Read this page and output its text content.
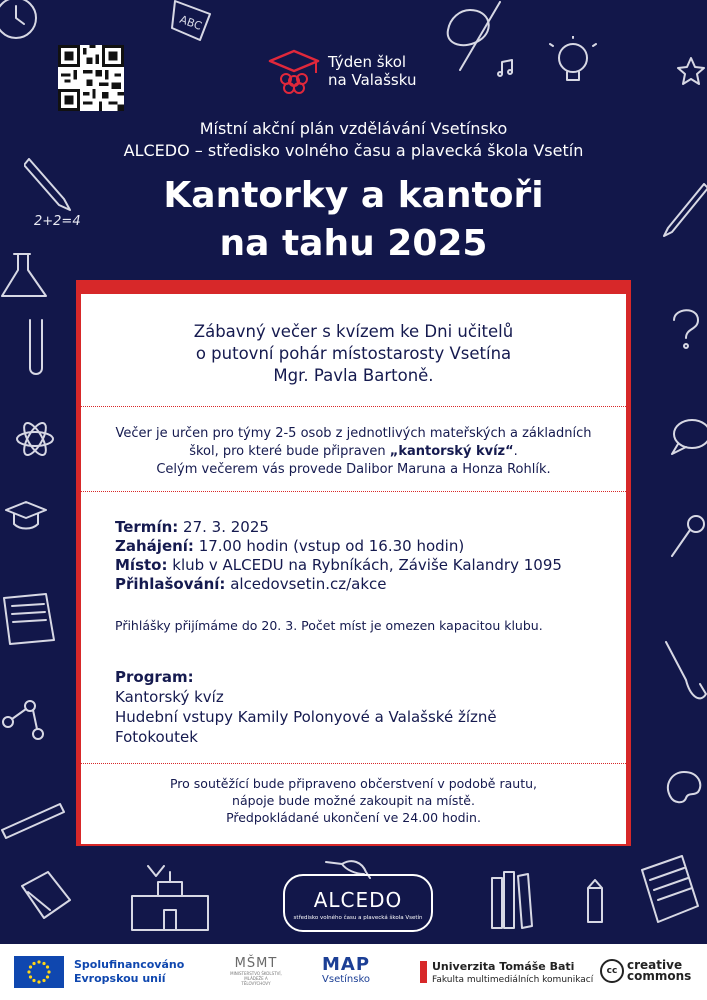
ABC
2+2=4
Týden škol
na Valašsku
Místní akční plán vzdělávání Vsetínsko
ALCEDO – středisko volného času a plavecká škola Vsetín
Kantorky a kantoři
na tahu 2025
Zábavný večer s kvízem ke Dni učitelů
o putovní pohár místostarosty Vsetína
Mgr. Pavla Bartoně.
Večer je určen pro týmy 2-5 osob z jednotlivých mateřských a základních
škol, pro které bude připraven „kantorský kvíz“.
Celým večerem vás provede Dalibor Maruna a Honza Rohlík.
Termín: 27. 3. 2025
Zahájení: 17.00 hodin (vstup od 16.30 hodin)
Místo: klub v ALCEDU na Rybníkách, Záviše Kalandry 1095
Přihlašování: alcedovsetin.cz/akce
Přihlášky přijímáme do 20. 3. Počet míst je omezen kapacitou klubu.
Program:
Kantorský kvíz
Hudební vstupy Kamily Polonyové a Valašské žízně
Fotokoutek
Pro soutěžící bude připraveno občerstvení v podobě rautu,
nápoje bude možné zakoupit na místě.
Předpokládané ukončení ve 24.00 hodin.
ALCEDO
středisko volného času a plavecká škola Vsetín
Spolufinancováno
Evropskou unií
MŠMT
MINISTERSTVO ŠKOLSTVÍ, MLÁDEŽE A TĚLOVÝCHOVY
MAP
Vsetínsko
Univerzita Tomáše Bati
Fakulta multimediálních komunikací
cc creative
commons
